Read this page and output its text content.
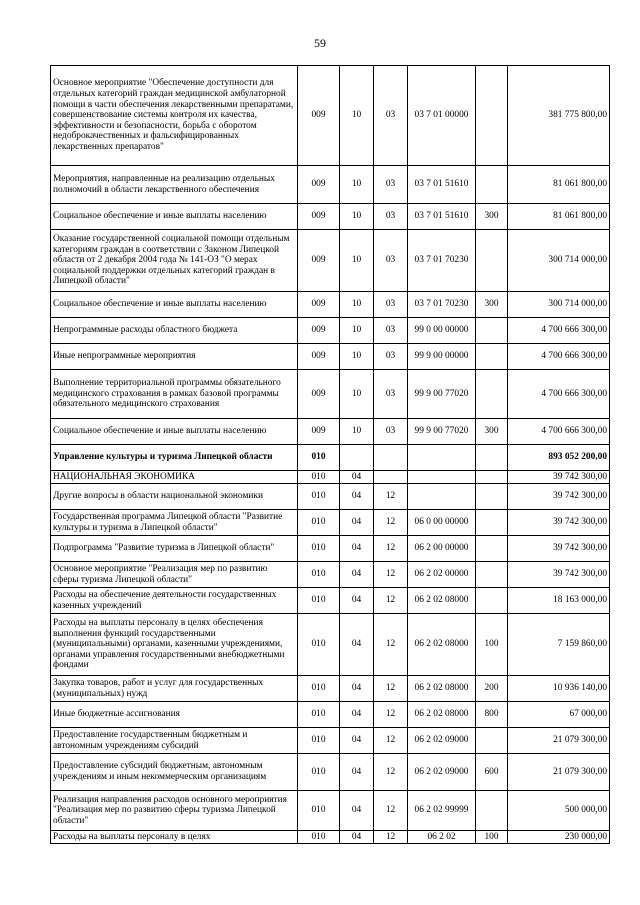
59
Основное мероприятие "Обеспечение доступности для отдельных категорий граждан медицинской амбулаторной помощи в части обеспечения лекарственными препаратами, совершенствование системы контроля их качества, эффективности и безопасности, борьба с оборотом недоброкачественных и фальсифицированных лекарственных препаратов"	009	10	03	03 7 01 00000		381 775 800,00
Мероприятия, направленные на реализацию отдельных полномочий в области лекарственного обеспечения	009	10	03	03 7 01 51610		81 061 800,00
Социальное обеспечение и иные выплаты населению	009	10	03	03 7 01 51610	300	81 061 800,00
Оказание государственной социальной помощи отдельным категориям граждан в соответствии с Законом Липецкой области от 2 декабря 2004 года № 141-ОЗ "О мерах социальной поддержки отдельных категорий граждан в Липецкой области"	009	10	03	03 7 01 70230		300 714 000,00
Социальное обеспечение и иные выплаты населению	009	10	03	03 7 01 70230	300	300 714 000,00
Непрограммные расходы областного бюджета	009	10	03	99 0 00 00000		4 700 666 300,00
Иные непрограммные мероприятия	009	10	03	99 9 00 00000		4 700 666 300,00
Выполнение территориальной программы обязательного медицинского страхования в рамках базовой программы обязательного медицинского страхования	009	10	03	99 9 00 77020		4 700 666 300,00
Социальное обеспечение и иные выплаты населению	009	10	03	99 9 00 77020	300	4 700 666 300,00
Управление культуры и туризма Липецкой области	010					893 052 200,00
НАЦИОНАЛЬНАЯ ЭКОНОМИКА	010	04				39 742 300,00
Другие вопросы в области национальной экономики	010	04	12			39 742 300,00
Государственная программа Липецкой области "Развитие культуры и туризма в Липецкой области"	010	04	12	06 0 00 00000		39 742 300,00
Подпрограмма "Развитие туризма в Липецкой области"	010	04	12	06 2 00 00000		39 742 300,00
Основное мероприятие "Реализация мер по развитию сферы туризма Липецкой области"	010	04	12	06 2 02 00000		39 742 300,00
Расходы на обеспечение деятельности государственных казенных учреждений	010	04	12	06 2 02 08000		18 163 000,00
Расходы на выплаты персоналу в целях обеспечения выполнения функций государственными (муниципальными) органами, казенными учреждениями, органами управления государственными внебюджетными фондами	010	04	12	06 2 02 08000	100	7 159 860,00
Закупка товаров, работ и услуг для государственных (муниципальных) нужд	010	04	12	06 2 02 08000	200	10 936 140,00
Иные бюджетные ассигнования	010	04	12	06 2 02 08000	800	67 000,00
Предоставление государственным бюджетным и автономным учреждениям субсидий	010	04	12	06 2 02 09000		21 079 300,00
Предоставление субсидий бюджетным, автономным учреждениям и иным некоммерческим организациям	010	04	12	06 2 02 09000	600	21 079 300,00
Реализация направления расходов основного мероприятия "Реализация мер по развитию сферы туризма Липецкой области"	010	04	12	06 2 02 99999		500 000,00
Расходы на выплаты персоналу в целях	010	04	12	06 2 02	100	230 000,00
